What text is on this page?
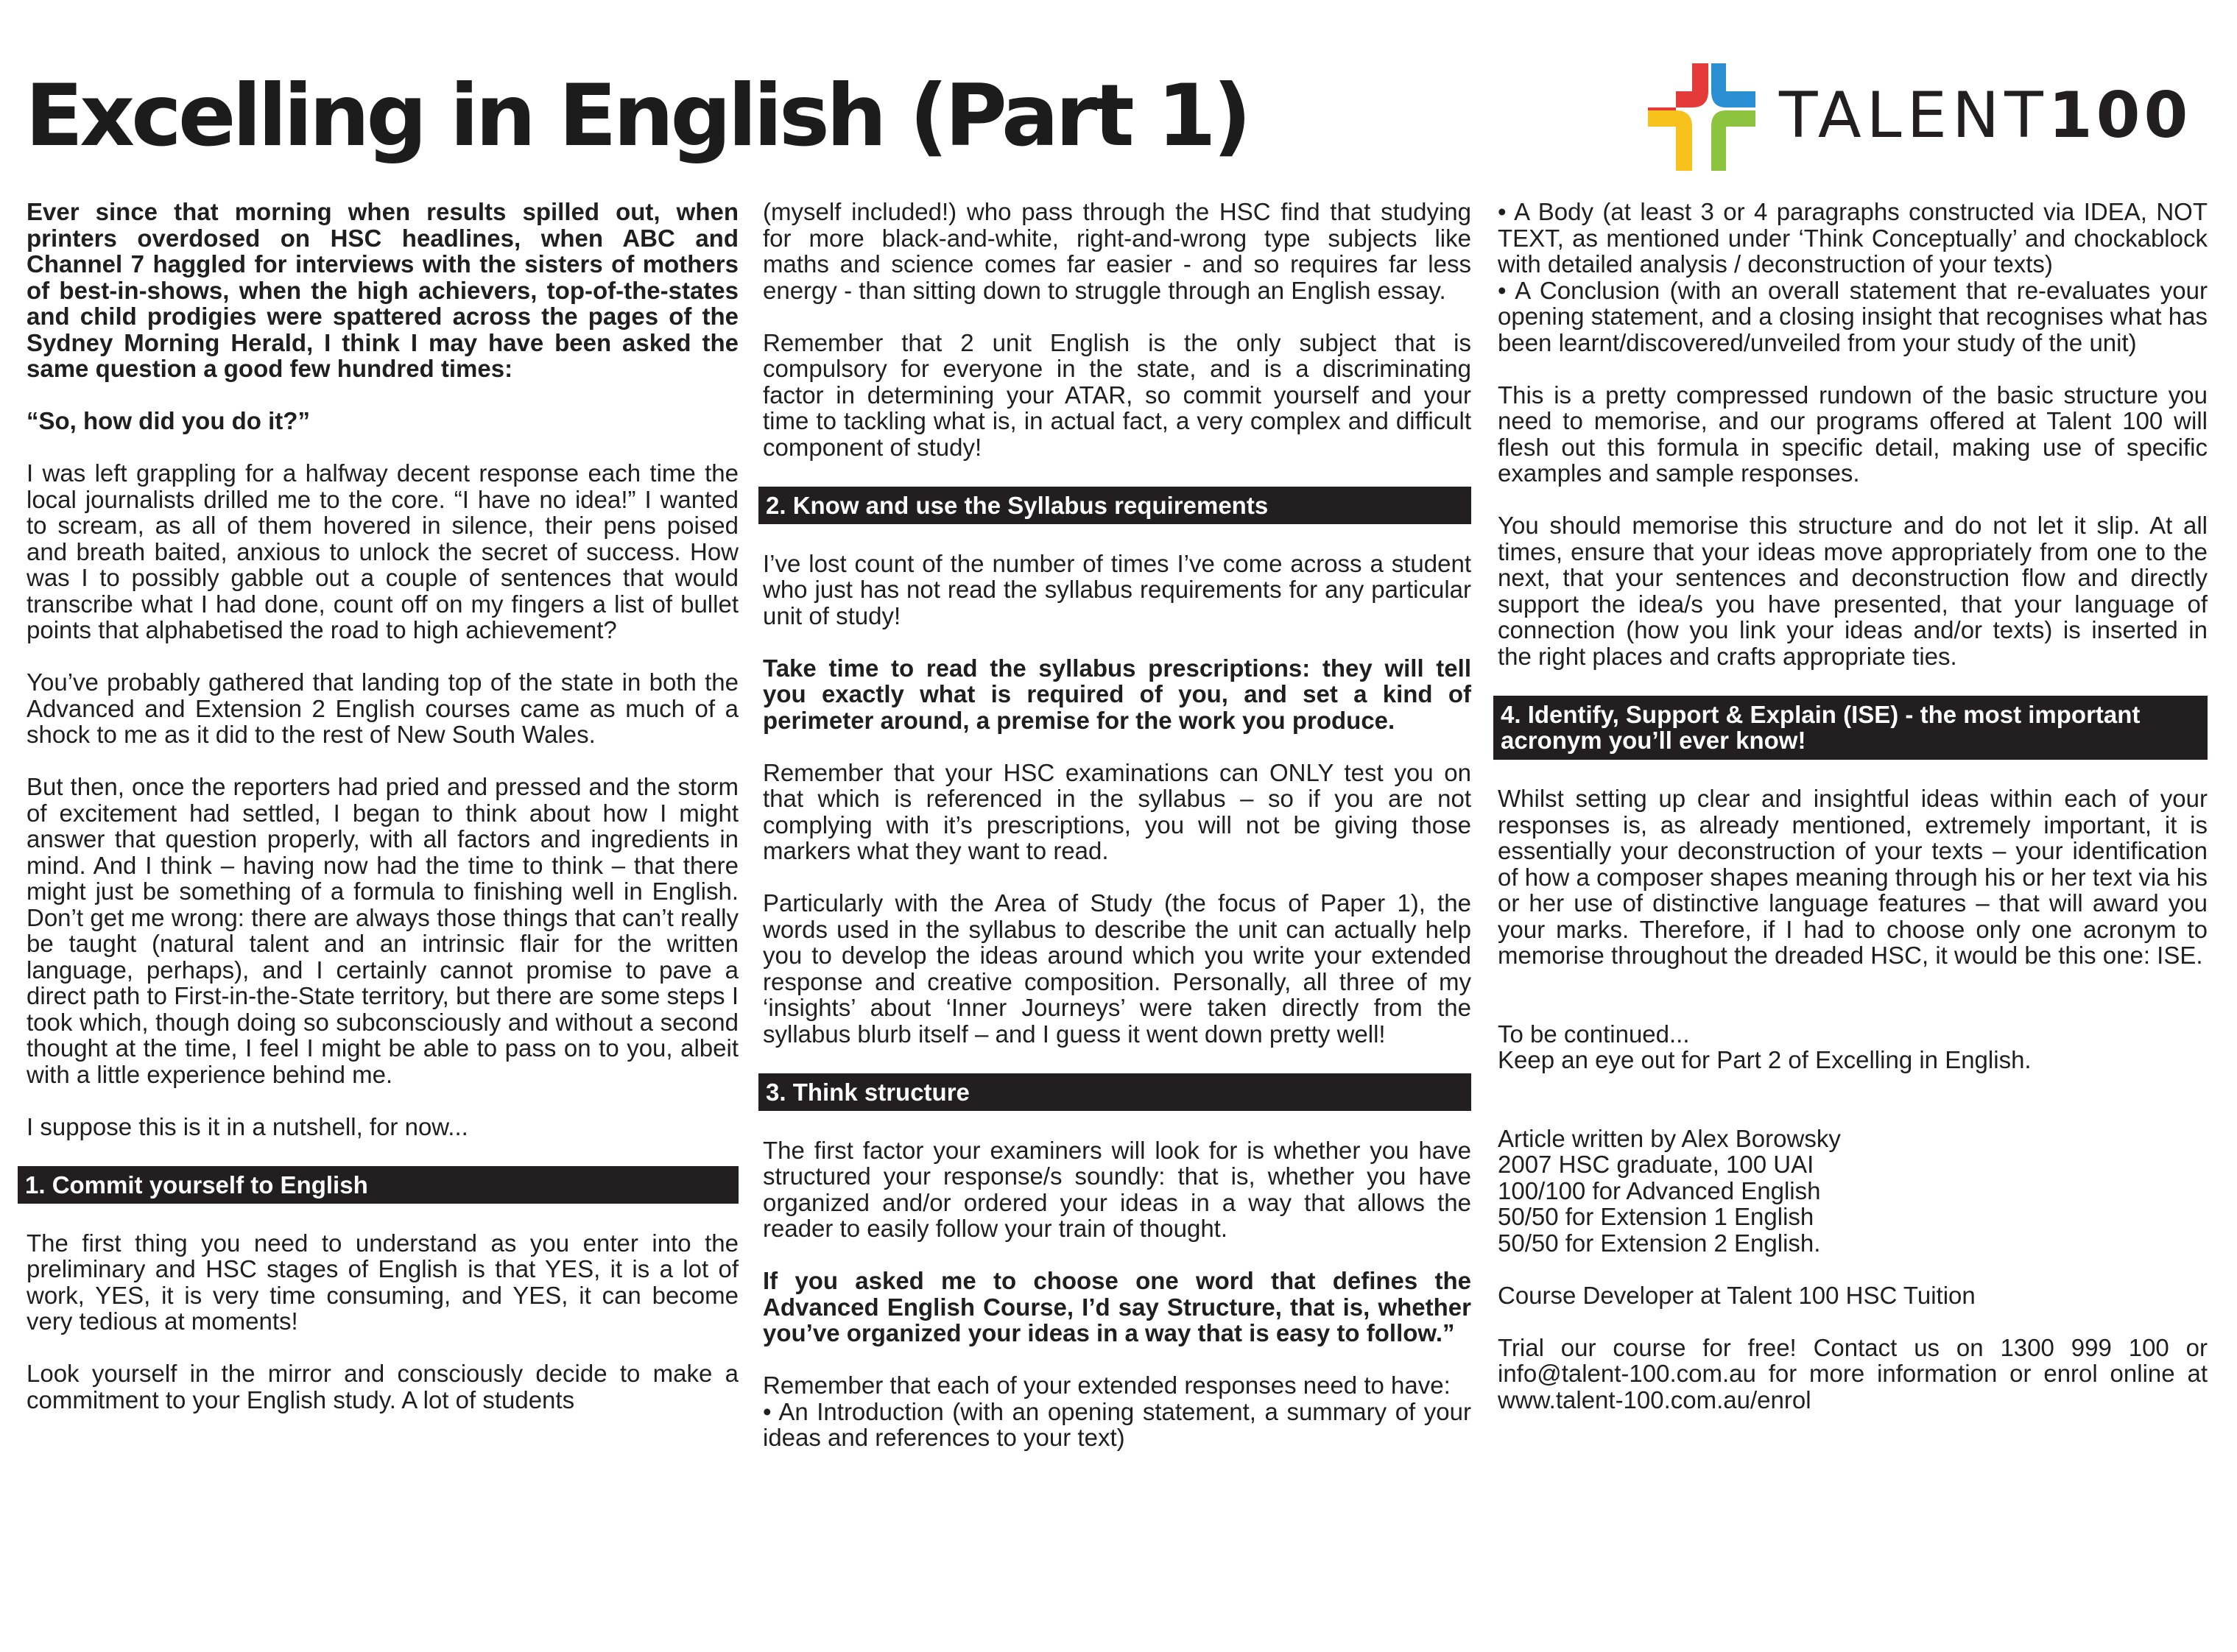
Excelling in English (Part 1)	TALENT100

Ever since that morning when results spilled out, when printers overdosed on HSC headlines, when ABC and Channel 7 haggled for interviews with the sisters of mothers of best-in-shows, when the high achievers, top-of-the-states and child prodigies were spattered across the pages of the Sydney Morning Herald, I think I may have been asked the same question a good few hundred times:

“So, how did you do it?”

I was left grappling for a halfway decent response each time the local journalists drilled me to the core. “I have no idea!” I wanted to scream, as all of them hovered in silence, their pens poised and breath baited, anxious to unlock the secret of success. How was I to possibly gabble out a couple of sentences that would transcribe what I had done, count off on my fingers a list of bullet points that alphabetised the road to high achievement?

You’ve probably gathered that landing top of the state in both the Advanced and Extension 2 English courses came as much of a shock to me as it did to the rest of New South Wales.

But then, once the reporters had pried and pressed and the storm of excitement had settled, I began to think about how I might answer that question properly, with all factors and ingredients in mind. And I think – having now had the time to think – that there might just be something of a formula to finishing well in English. Don’t get me wrong: there are always those things that can’t really be taught (natural talent and an intrinsic flair for the written language, perhaps), and I certainly cannot promise to pave a direct path to First-in-the-State territory, but there are some steps I took which, though doing so subconsciously and without a second thought at the time, I feel I might be able to pass on to you, albeit with a little experience behind me.

I suppose this is it in a nutshell, for now...

1. Commit yourself to English

The first thing you need to understand as you enter into the preliminary and HSC stages of English is that YES, it is a lot of work, YES, it is very time consuming, and YES, it can become very tedious at moments!

Look yourself in the mirror and consciously decide to make a commitment to your English study. A lot of students

(myself included!) who pass through the HSC find that studying for more black-and-white, right-and-wrong type subjects like maths and science comes far easier - and so requires far less energy - than sitting down to struggle through an English essay.

Remember that 2 unit English is the only subject that is compulsory for everyone in the state, and is a discriminating factor in determining your ATAR, so commit yourself and your time to tackling what is, in actual fact, a very complex and difficult component of study!

2. Know and use the Syllabus requirements

I’ve lost count of the number of times I’ve come across a student who just has not read the syllabus requirements for any particular unit of study!

Take time to read the syllabus prescriptions: they will tell you exactly what is required of you, and set a kind of perimeter around, a premise for the work you produce.

Remember that your HSC examinations can ONLY test you on that which is referenced in the syllabus – so if you are not complying with it’s prescriptions, you will not be giving those markers what they want to read.

Particularly with the Area of Study (the focus of Paper 1), the words used in the syllabus to describe the unit can actually help you to develop the ideas around which you write your extended response and creative composition. Personally, all three of my ‘insights’ about ‘Inner Journeys’ were taken directly from the syllabus blurb itself – and I guess it went down pretty well!

3. Think structure

The first factor your examiners will look for is whether you have structured your response/s soundly: that is, whether you have organized and/or ordered your ideas in a way that allows the reader to easily follow your train of thought.

If you asked me to choose one word that defines the Advanced English Course, I’d say Structure, that is, whether you’ve organized your ideas in a way that is easy to follow.”

Remember that each of your extended responses need to have:

• An Introduction (with an opening statement, a summary of your ideas and references to your text)

• A Body (at least 3 or 4 paragraphs constructed via IDEA, NOT TEXT, as mentioned under ‘Think Conceptually’ and chockablock with detailed analysis / deconstruction of your texts)

• A Conclusion (with an overall statement that re-evaluates your opening statement, and a closing insight that recognises what has been learnt/discovered/unveiled from your study of the unit)

This is a pretty compressed rundown of the basic structure you need to memorise, and our programs offered at Talent 100 will flesh out this formula in specific detail, making use of specific examples and sample responses.

You should memorise this structure and do not let it slip. At all times, ensure that your ideas move appropriately from one to the next, that your sentences and deconstruction flow and directly support the idea/s you have presented, that your language of connection (how you link your ideas and/or texts) is inserted in the right places and crafts appropriate ties.

4. Identify, Support & Explain (ISE) - the most important acronym you’ll ever know!

Whilst setting up clear and insightful ideas within each of your responses is, as already mentioned, extremely important, it is essentially your deconstruction of your texts – your identification of how a composer shapes meaning through his or her text via his or her use of distinctive language features – that will award you your marks. Therefore, if I had to choose only one acronym to memorise throughout the dreaded HSC, it would be this one: ISE.

To be continued...
Keep an eye out for Part 2 of Excelling in English.

Article written by Alex Borowsky
2007 HSC graduate, 100 UAI
100/100 for Advanced English
50/50 for Extension 1 English
50/50 for Extension 2 English.

Course Developer at Talent 100 HSC Tuition

Trial our course for free! Contact us on 1300 999 100 or info@talent-100.com.au for more information or enrol online at www.talent-100.com.au/enrol
